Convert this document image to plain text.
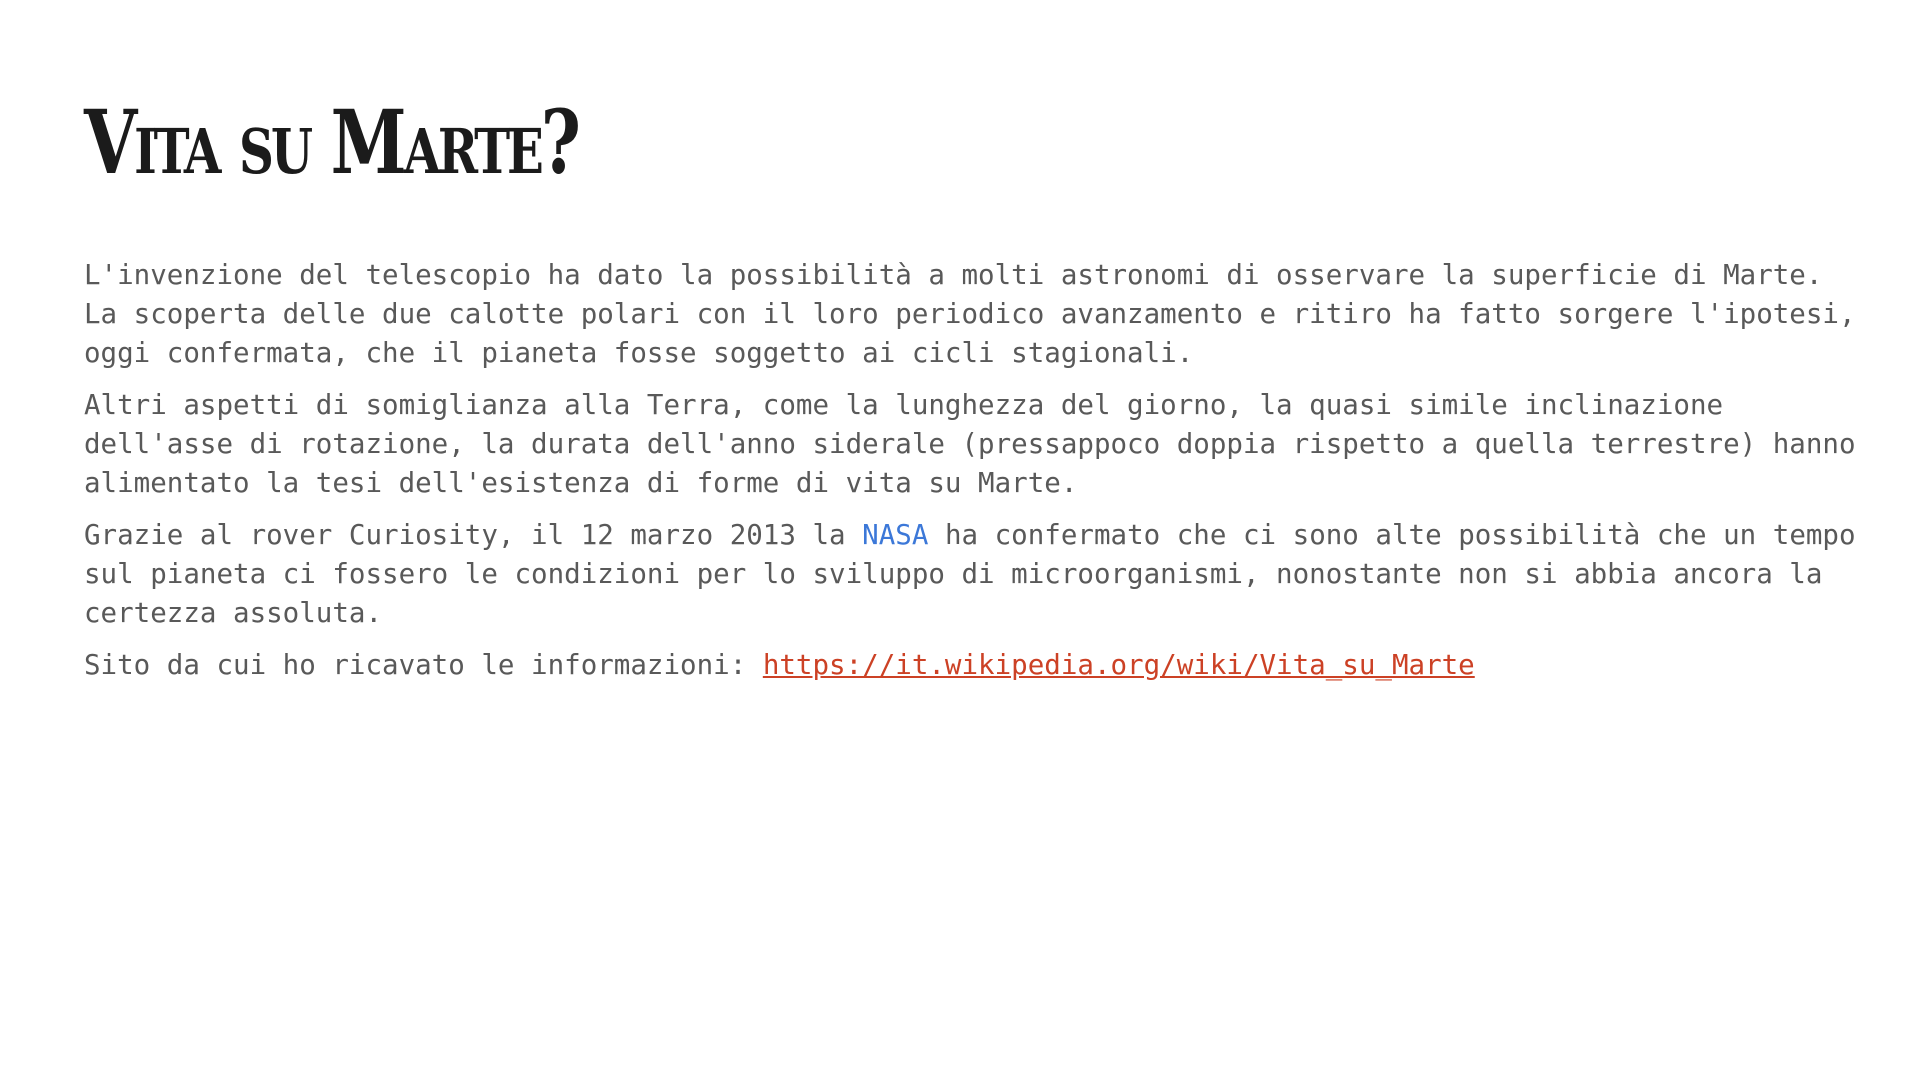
Vita su Marte?

L'invenzione del telescopio ha dato la possibilità a molti astronomi di osservare la superficie di Marte. La scoperta delle due calotte polari con il loro periodico avanzamento e ritiro ha fatto sorgere l'ipotesi, oggi confermata, che il pianeta fosse soggetto ai cicli stagionali.

Altri aspetti di somiglianza alla Terra, come la lunghezza del giorno, la quasi simile inclinazione dell'asse di rotazione, la durata dell'anno siderale (pressappoco doppia rispetto a quella terrestre) hanno alimentato la tesi dell'esistenza di forme di vita su Marte.

Grazie al rover Curiosity, il 12 marzo 2013 la NASA ha confermato che ci sono alte possibilità che un tempo sul pianeta ci fossero le condizioni per lo sviluppo di microorganismi, nonostante non si abbia ancora la certezza assoluta.

Sito da cui ho ricavato le informazioni: https://it.wikipedia.org/wiki/Vita_su_Marte
